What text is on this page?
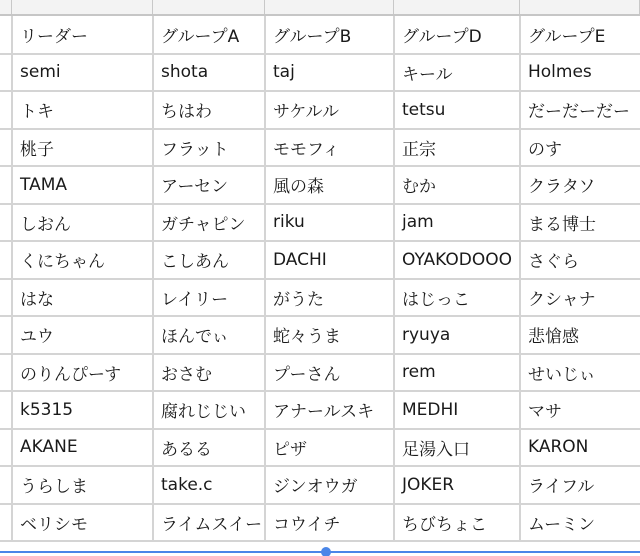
	リーダー	グループA	グループB	グループD	グループE
	semi	shota	taj	キール	Holmes
	トキ	ちはわ	サケルル	tetsu	だーだーだー
	桃子	フラット	モモフィ	正宗	のす
	TAMA	アーセン	風の森	むか	クラタソ
	しおん	ガチャピン	riku	jam	まる博士
	くにちゃん	こしあん	DACHI	OYAKODOOO	さぐら
	はな	レイリー	がうた	はじっこ	クシャナ
	ユウ	ほんでぃ	蛇々うま	ryuya	悲愴感
	のりんぴーす	おさむ	プーさん	rem	せいじぃ
	k5315	腐れじじい	アナールスキ	MEDHI	マサ
	AKANE	あるる	ピザ	足湯入口	KARON
	うらしま	take.c	ジンオウガ	JOKER	ライフル
	ベリシモ	ライムスイー	コウイチ	ちびちょこ	ムーミン
